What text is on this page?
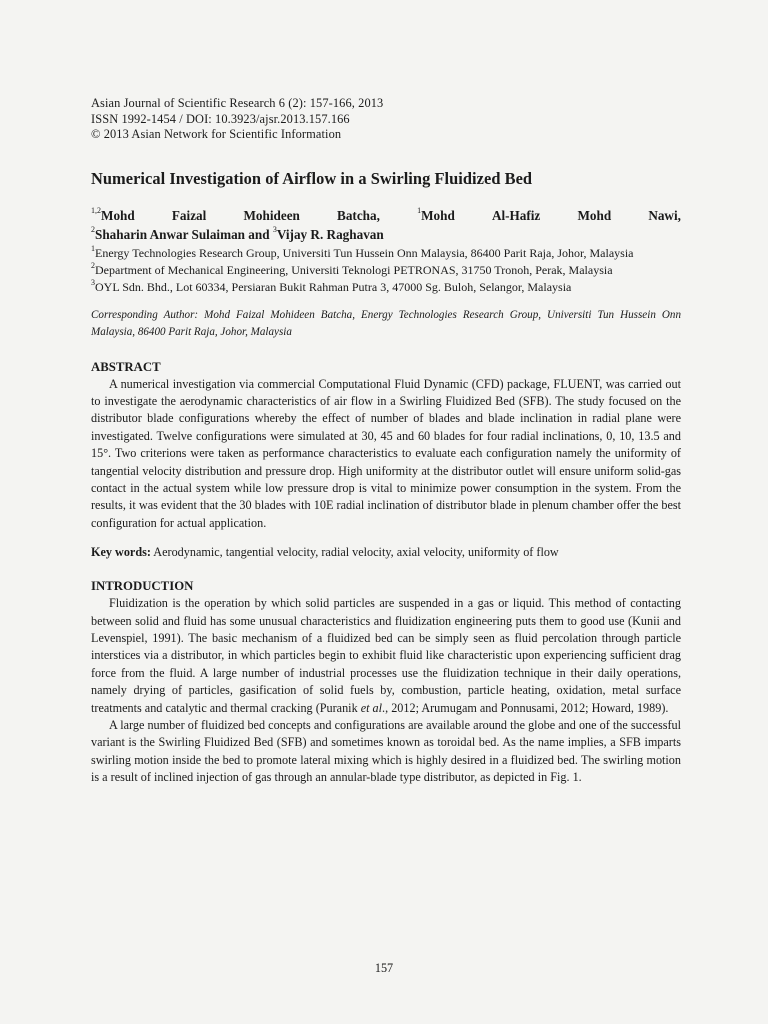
Asian Journal of Scientific Research 6 (2): 157-166, 2013
ISSN 1992-1454 / DOI: 10.3923/ajsr.2013.157.166
© 2013 Asian Network for Scientific Information
Numerical Investigation of Airflow in a Swirling Fluidized Bed
$^{1,2}$Mohd	Faizal	Mohideen	Batcha,	$^1$Mohd	Al-Hafiz	Mohd	Nawi,
$^2$Shaharin Anwar Sulaiman and $^3$Vijay R. Raghavan
$^1$Energy Technologies Research Group, Universiti Tun Hussein Onn Malaysia, 86400 Parit Raja, Johor, Malaysia
$^2$Department of Mechanical Engineering, Universiti Teknologi PETRONAS, 31750 Tronoh, Perak, Malaysia
$^3$OYL Sdn. Bhd., Lot 60334, Persiaran Bukit Rahman Putra 3, 47000 Sg. Buloh, Selangor, Malaysia
Corresponding Author: Mohd Faizal Mohideen Batcha, Energy Technologies Research Group, Universiti Tun Hussein Onn Malaysia, 86400 Parit Raja, Johor, Malaysia
ABSTRACT

A numerical investigation via commercial Computational Fluid Dynamic (CFD) package, FLUENT, was carried out to investigate the aerodynamic characteristics of air flow in a Swirling Fluidized Bed (SFB). The study focused on the distributor blade configurations whereby the effect of number of blades and blade inclination in radial plane were investigated. Twelve configurations were simulated at 30, 45 and 60 blades for four radial inclinations, 0, 10, 13.5 and 15°. Two criterions were taken as performance characteristics to evaluate each configuration namely the uniformity of tangential velocity distribution and pressure drop. High uniformity at the distributor outlet will ensure uniform solid-gas contact in the actual system while low pressure drop is vital to minimize power consumption in the system. From the results, it was evident that the 30 blades with 10E radial inclination of distributor blade in plenum chamber offer the best configuration for actual application.

Key words: Aerodynamic, tangential velocity, radial velocity, axial velocity, uniformity of flow
INTRODUCTION

Fluidization is the operation by which solid particles are suspended in a gas or liquid. This method of contacting between solid and fluid has some unusual characteristics and fluidization engineering puts them to good use (Kunii and Levenspiel, 1991). The basic mechanism of a fluidized bed can be simply seen as fluid percolation through particle interstices via a distributor, in which particles begin to exhibit fluid like characteristic upon experiencing sufficient drag force from the fluid. A large number of industrial processes use the fluidization technique in their daily operations, namely drying of particles, gasification of solid fuels by, combustion, particle heating, oxidation, metal surface treatments and catalytic and thermal cracking (Puranik et al., 2012; Arumugam and Ponnusami, 2012; Howard, 1989).

A large number of fluidized bed concepts and configurations are available around the globe and one of the successful variant is the Swirling Fluidized Bed (SFB) and sometimes known as toroidal bed. As the name implies, a SFB imparts swirling motion inside the bed to promote lateral mixing which is highly desired in a fluidized bed. The swirling motion is a result of inclined injection of gas through an annular-blade type distributor, as depicted in Fig. 1.

157
